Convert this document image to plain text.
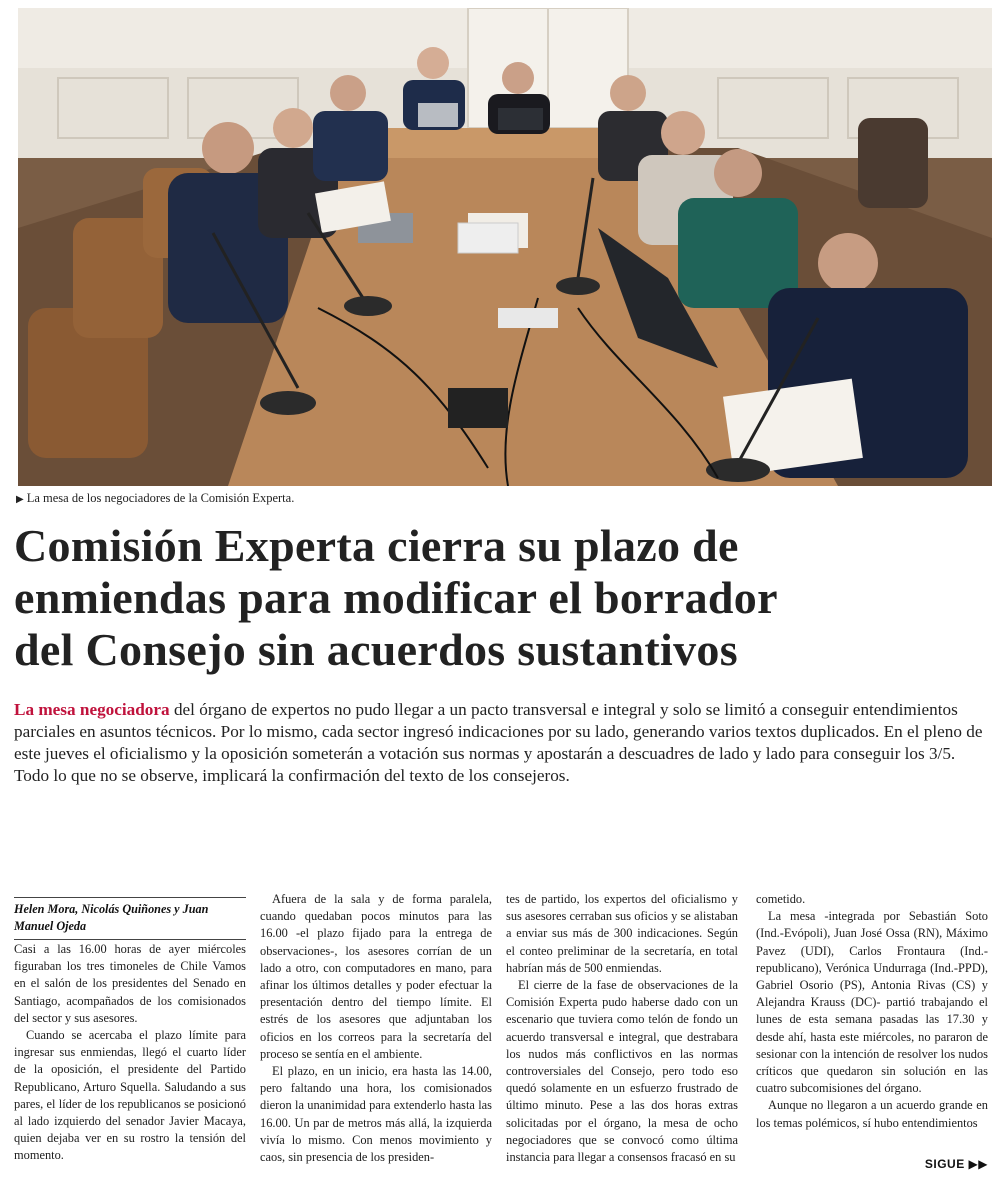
▶ La mesa de los negociadores de la Comisión Experta.
Comisión Experta cierra su plazo de
enmiendas para modificar el borrador
del Consejo sin acuerdos sustantivos

La mesa negociadora del órgano de expertos no pudo llegar a un pacto transversal e integral y solo se limitó a conseguir entendimientos parciales en asuntos técnicos. Por lo mismo, cada sector ingresó indicaciones por su lado, generando varios textos duplicados. En el pleno de este jueves el oficialismo y la oposición someterán a votación sus normas y apostarán a descuadres de lado y lado para conseguir los 3/5. Todo lo que no se observe, implicará la confirmación del texto de los consejeros.

Helen Mora, Nicolás Quiñones y Juan Manuel Ojeda

Casi a las 16.00 horas de ayer miércoles figuraban los tres timoneles de Chile Vamos en el salón de los presidentes del Senado en Santiago, acompañados de los comisionados del sector y sus asesores.

Cuando se acercaba el plazo límite para ingresar sus enmiendas, llegó el cuarto líder de la oposición, el presidente del Partido Republicano, Arturo Squella. Saludando a sus pares, el líder de los republicanos se posicionó al lado izquierdo del senador Javier Macaya, quien dejaba ver en su rostro la tensión del momento.

Afuera de la sala y de forma paralela, cuando quedaban pocos minutos para las 16.00 -el plazo fijado para la entrega de observaciones-, los asesores corrían de un lado a otro, con computadores en mano, para afinar los últimos detalles y poder efectuar la presentación dentro del tiempo límite. El estrés de los asesores que adjuntaban los oficios en los correos para la secretaría del proceso se sentía en el ambiente.

El plazo, en un inicio, era hasta las 14.00, pero faltando una hora, los comisionados dieron la unanimidad para extenderlo hasta las 16.00. Un par de metros más allá, la izquierda vivía lo mismo. Con menos movimiento y caos, sin presencia de los presiden-

tes de partido, los expertos del oficialismo y sus asesores cerraban sus oficios y se alistaban a enviar sus más de 300 indicaciones. Según el conteo preliminar de la secretaría, en total habrían más de 500 enmiendas.

El cierre de la fase de observaciones de la Comisión Experta pudo haberse dado con un escenario que tuviera como telón de fondo un acuerdo transversal e integral, que destrabara los nudos más conflictivos en las normas controversiales del Consejo, pero todo eso quedó solamente en un esfuerzo frustrado de último minuto. Pese a las dos horas extras solicitadas por el órgano, la mesa de ocho negociadores que se convocó como última instancia para llegar a consensos fracasó en su

cometido.

La mesa -integrada por Sebastián Soto (Ind.-Evópoli), Juan José Ossa (RN), Máximo Pavez (UDI), Carlos Frontaura (Ind.-republicano), Verónica Undurraga (Ind.-PPD), Gabriel Osorio (PS), Antonia Rivas (CS) y Alejandra Krauss (DC)- partió trabajando el lunes de esta semana pasadas las 17.30 y desde ahí, hasta este miércoles, no pararon de sesionar con la intención de resolver los nudos críticos que quedaron sin solución en las cuatro subcomisiones del órgano.

Aunque no llegaron a un acuerdo grande en los temas polémicos, sí hubo entendimientos

SIGUE ▶▶
